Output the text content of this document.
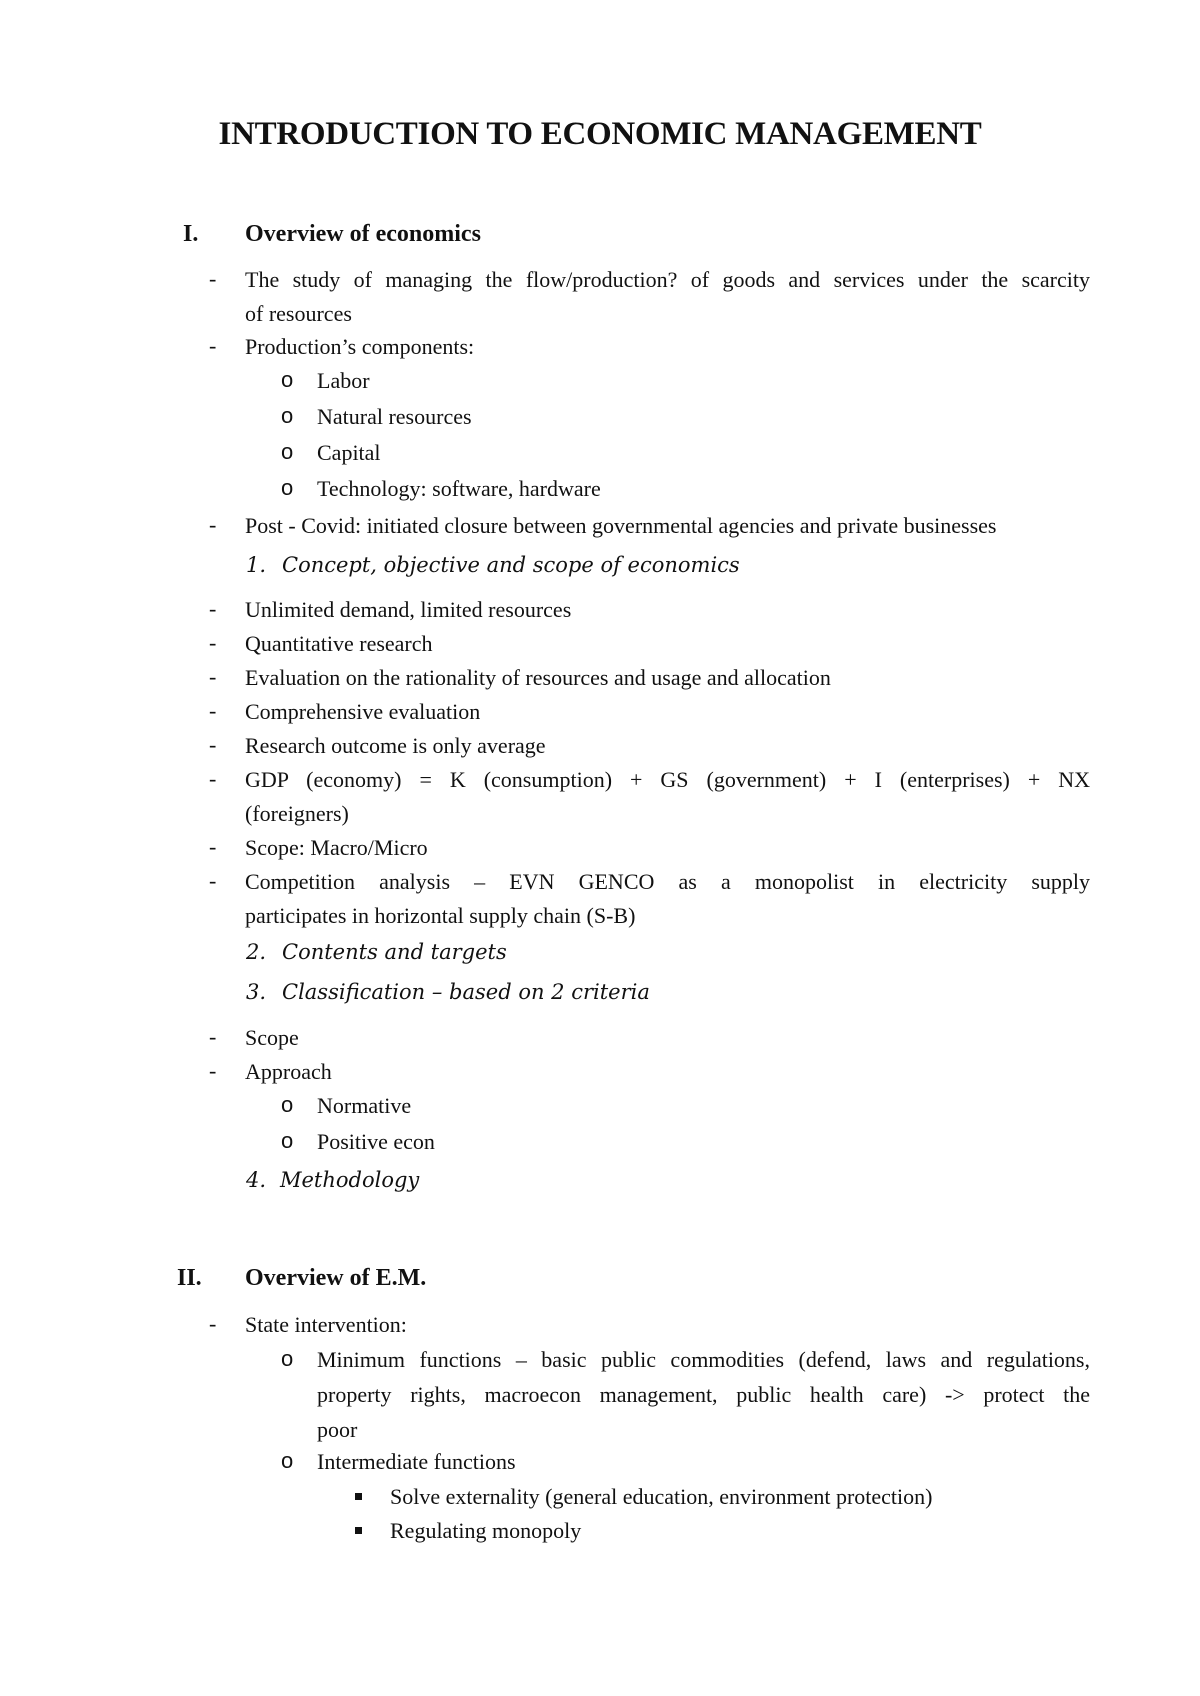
INTRODUCTION TO ECONOMIC MANAGEMENT
I. Overview of economics
- The study of managing the flow/production? of goods and services under the scarcity
of resources
- Production’s components:
o Labor
o Natural resources
o Capital
o Technology: software, hardware
- Post - Covid: initiated closure between governmental agencies and private businesses
1. Concept, objective and scope of economics
- Unlimited demand, limited resources
- Quantitative research
- Evaluation on the rationality of resources and usage and allocation
- Comprehensive evaluation
- Research outcome is only average
- GDP (economy) = K (consumption) + GS (government) + I (enterprises) + NX
(foreigners)
- Scope: Macro/Micro
- Competition analysis – EVN GENCO as a monopolist in electricity supply
participates in horizontal supply chain (S-B)
2. Contents and targets
3. Classification – based on 2 criteria
- Scope
- Approach
o Normative
o Positive econ
4. Methodology
II. Overview of E.M.
- State intervention:
o Minimum functions – basic public commodities (defend, laws and regulations,
property rights, macroecon management, public health care) -> protect the
poor
o Intermediate functions
Solve externality (general education, environment protection)
Regulating monopoly
